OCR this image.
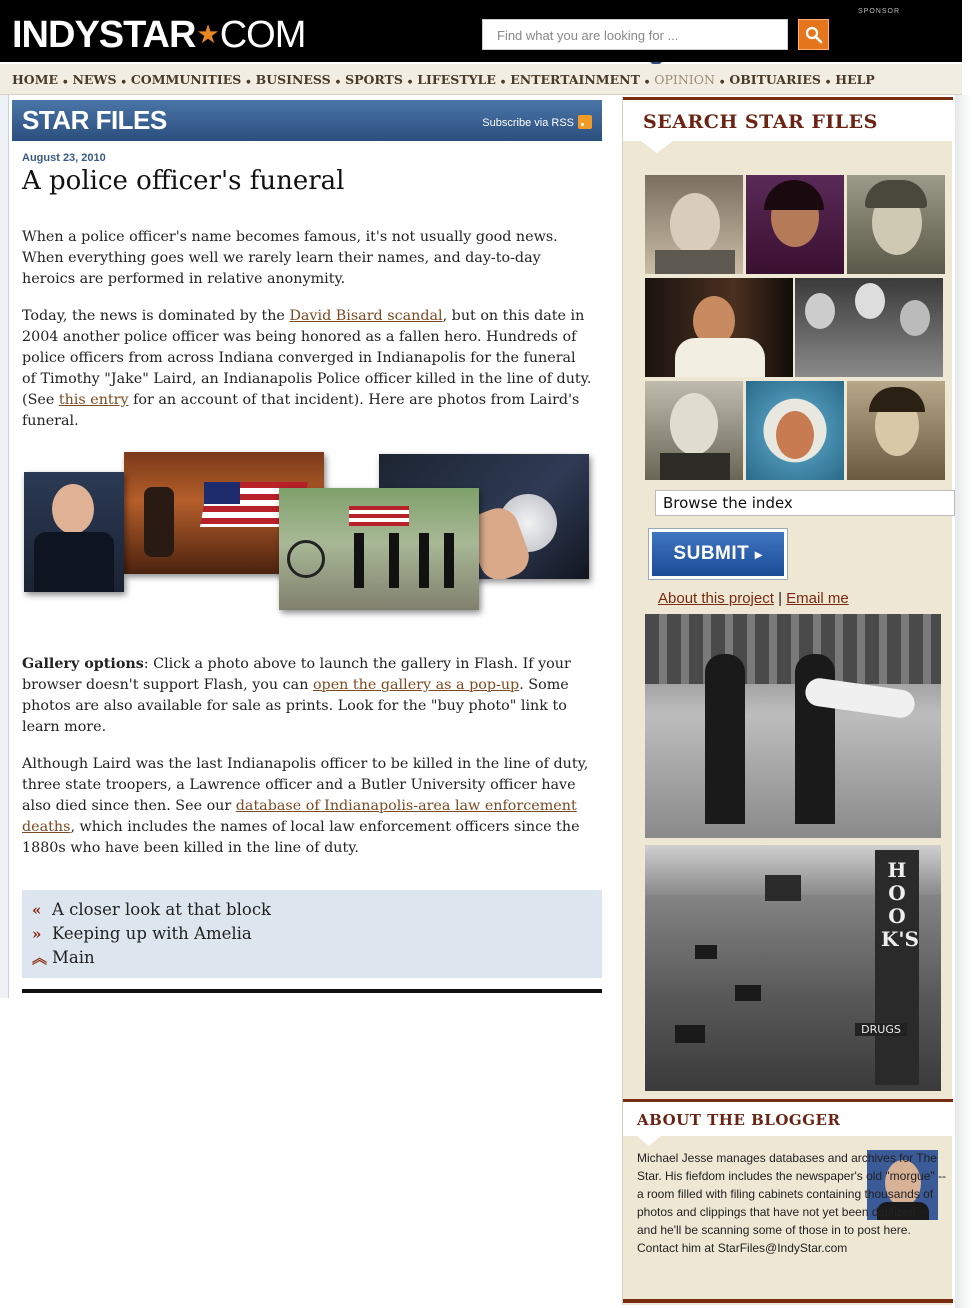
INDYSTAR★COM	Find what you are looking for ...
SPONSOR
HOME ● NEWS ● COMMUNITIES ● BUSINESS ● SPORTS ● LIFESTYLE ● ENTERTAINMENT ● OPINION ● OBITUARIES ● HELP
STAR FILES	Subscribe via RSS
August 23, 2010
A police officer's funeral

When a police officer's name becomes famous, it's not usually good news. When everything goes well we rarely learn their names, and day-to-day heroics are performed in relative anonymity.

Today, the news is dominated by the David Bisard scandal, but on this date in 2004 another police officer was being honored as a fallen hero. Hundreds of police officers from across Indiana converged in Indianapolis for the funeral of Timothy "Jake" Laird, an Indianapolis Police officer killed in the line of duty. (See this entry for an account of that incident). Here are photos from Laird's funeral.

Gallery options: Click a photo above to launch the gallery in Flash. If your browser doesn't support Flash, you can open the gallery as a pop-up. Some photos are also available for sale as prints. Look for the "buy photo" link to learn more.

Although Laird was the last Indianapolis officer to be killed in the line of duty, three state troopers, a Lawrence officer and a Butler University officer have also died since then. See our database of Indianapolis-area law enforcement deaths, which includes the names of local law enforcement officers since the 1880s who have been killed in the line of duty.

« A closer look at that block
» Keeping up with Amelia
︽ Main
SEARCH STAR FILES
Browse the index
SUBMIT ▸
About this project | Email me
HOOK'S
DRUGS
ABOUT THE BLOGGER

Michael Jesse manages databases and archives for The Star. His fiefdom includes the newspaper's old "morgue" -- a room filled with filing cabinets containing thousands of photos and clippings that have not yet been digitized -- and he'll be scanning some of those in to post here. Contact him at StarFiles@IndyStar.com
